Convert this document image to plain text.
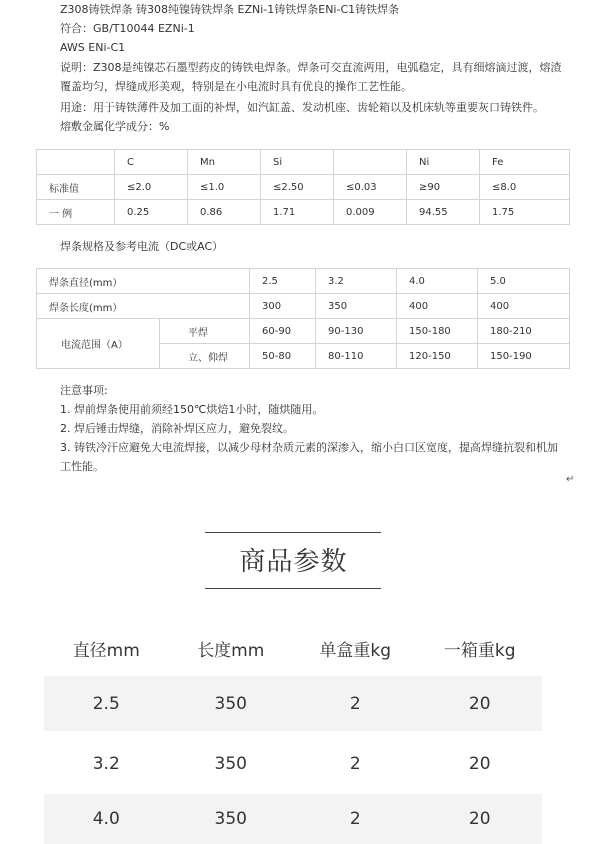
Z308铸铁焊条 铸308纯镍铸铁焊条 EZNi-1铸铁焊条ENi-C1铸铁焊条
符合：GB/T10044 EZNi-1
AWS ENi-C1
说明：Z308是纯镍芯石墨型药皮的铸铁电焊条。焊条可交直流两用，电弧稳定，具有细熔滴过渡，熔渣覆盖均匀，焊缝成形美观，特别是在小电流时具有优良的操作工艺性能。
用途：用于铸铁薄件及加工面的补焊，如汽缸盖、发动机座、齿轮箱以及机床轨等重要灰口铸铁件。
熔敷金属化学成分：%
	C	Mn	Si		Ni	Fe
标准值	≤2.0	≤1.0	≤2.50	≤0.03	≥90	≤8.0
一 例	0.25	0.86	1.71	0.009	94.55	1.75
焊条规格及参考电流（DC或AC）
焊条直径(mm）		2.5	3.2	4.0	5.0
焊条长度(mm）		300	350	400	400
电流范围（A）	平焊	60-90	90-130	150-180	180-210
	立、仰焊	50-80	80-110	120-150	150-190
注意事项:
1. 焊前焊条使用前须经150℃烘焙1小时，随烘随用。
2. 焊后锤击焊缝，消除补焊区应力，避免裂纹。
3. 铸铁冷汗应避免大电流焊接，以减少母材杂质元素的深渗入，缩小白口区宽度，提高焊缝抗裂和机加工性能。
↵
商品参数
直径mm	长度mm	单盒重kg	一箱重kg
2.5	350	2	20
3.2	350	2	20
4.0	350	2	20
